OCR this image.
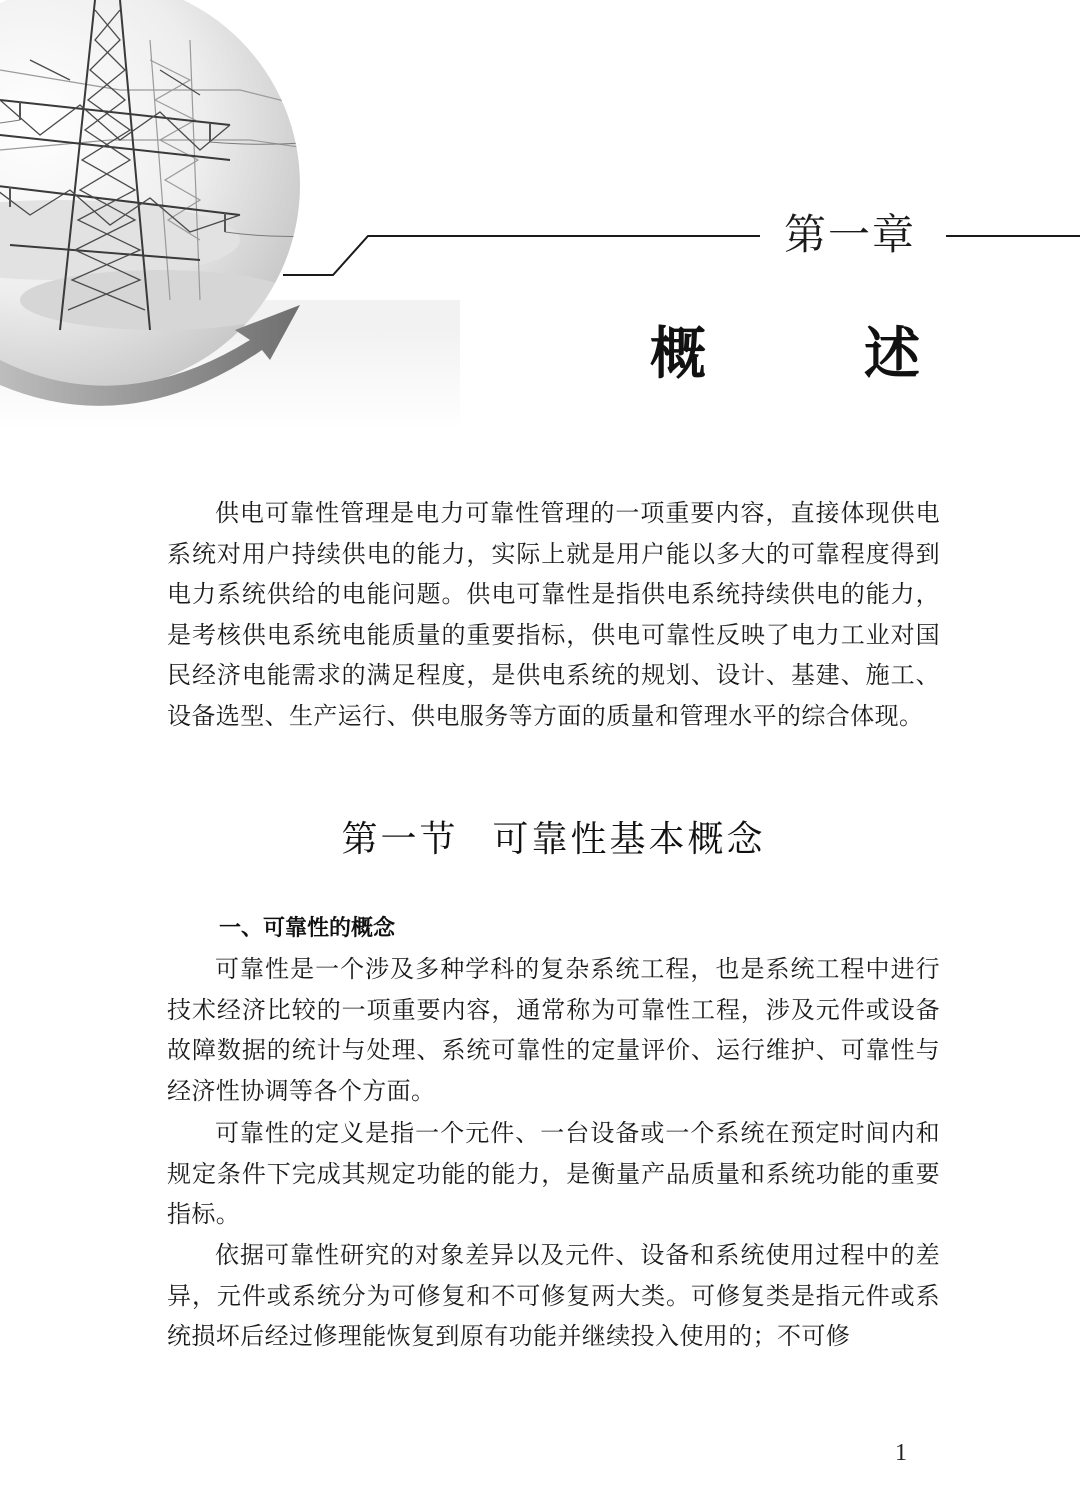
第一章
概	述

供电可靠性管理是电力可靠性管理的一项重要内容，直接体现供电系统对用户持续供电的能力，实际上就是用户能以多大的可靠程度得到电力系统供给的电能问题。供电可靠性是指供电系统持续供电的能力，是考核供电系统电能质量的重要指标，供电可靠性反映了电力工业对国民经济电能需求的满足程度，是供电系统的规划、设计、基建、施工、设备选型、生产运行、供电服务等方面的质量和管理水平的综合体现。

第一节 可靠性基本概念
一、可靠性的概念

可靠性是一个涉及多种学科的复杂系统工程，也是系统工程中进行技术经济比较的一项重要内容，通常称为可靠性工程，涉及元件或设备故障数据的统计与处理、系统可靠性的定量评价、运行维护、可靠性与经济性协调等各个方面。

可靠性的定义是指一个元件、一台设备或一个系统在预定时间内和规定条件下完成其规定功能的能力，是衡量产品质量和系统功能的重要指标。

依据可靠性研究的对象差异以及元件、设备和系统使用过程中的差异，元件或系统分为可修复和不可修复两大类。可修复类是指元件或系统损坏后经过修理能恢复到原有功能并继续投入使用的；不可修

1
